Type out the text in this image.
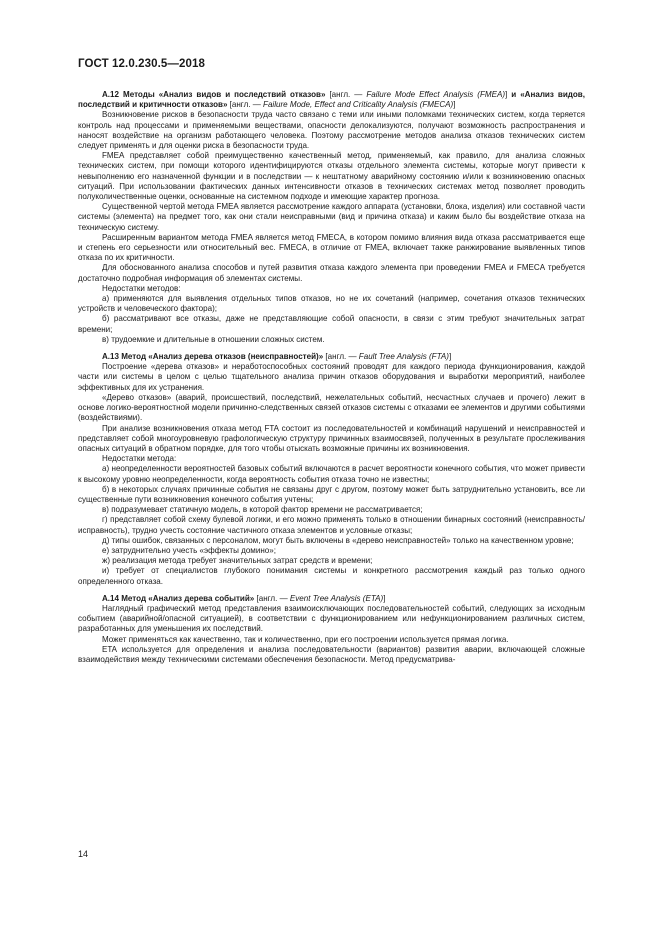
ГОСТ 12.0.230.5—2018

А.12 Методы «Анализ видов и последствий отказов» [англ. — Failure Mode Effect Analysis (FMEA)] и «Анализ видов, последствий и критичности отказов» [англ. — Failure Mode, Effect and Criticality Analysis (FMECA)]

Возникновение рисков в безопасности труда часто связано с теми или иными поломками технических систем, когда теряется контроль над процессами и применяемыми веществами, опасности делокализуются, получают возможность распространения и наносят воздействие на организм работающего человека. Поэтому рассмотрение методов анализа отказов технических систем следует применять и для оценки риска в безопасности труда.

FMEA представляет собой преимущественно качественный метод, применяемый, как правило, для анализа сложных технических систем, при помощи которого идентифицируются отказы отдельного элемента системы, которые могут привести к невыполнению его назначенной функции и в последствии — к нештатному аварийному состоянию и/или к возникновению опасных ситуаций. При использовании фактических данных интенсивности отказов в технических системах метод позволяет проводить полуколичественные оценки, основанные на системном подходе и имеющие характер прогноза.

Существенной чертой метода FMEA является рассмотрение каждого аппарата (установки, блока, изделия) или составной части системы (элемента) на предмет того, как они стали неисправными (вид и причина отказа) и каким было бы воздействие отказа на техническую систему.

Расширенным вариантом метода FMEA является метод FMECA, в котором помимо влияния вида отказа рассматривается еще и степень его серьезности или относительный вес. FMECA, в отличие от FMEA, включает также ранжирование выявленных типов отказа по их критичности.

Для обоснованного анализа способов и путей развития отказа каждого элемента при проведении FMEA и FMECA требуется достаточно подробная информация об элементах системы.

Недостатки методов:

а) применяются для выявления отдельных типов отказов, но не их сочетаний (например, сочетания отказов технических устройств и человеческого фактора);

б) рассматривают все отказы, даже не представляющие собой опасности, в связи с этим требуют значительных затрат времени;

в) трудоемкие и длительные в отношении сложных систем.

А.13 Метод «Анализ дерева отказов (неисправностей)» [англ. — Fault Tree Analysis (FTA)]

Построение «дерева отказов» и неработоспособных состояний проводят для каждого периода функционирования, каждой части или системы в целом с целью тщательного анализа причин отказов оборудования и выработки мероприятий, наиболее эффективных для их устранения.

«Дерево отказов» (аварий, происшествий, последствий, нежелательных событий, несчастных случаев и прочего) лежит в основе логико-вероятностной модели причинно-следственных связей отказов системы с отказами ее элементов и другими событиями (воздействиями).

При анализе возникновения отказа метод FTA состоит из последовательностей и комбинаций нарушений и неисправностей и представляет собой многоуровневую графологическую структуру причинных взаимосвязей, полученных в результате прослеживания опасных ситуаций в обратном порядке, для того чтобы отыскать возможные причины их возникновения.

Недостатки метода:

а) неопределенности вероятностей базовых событий включаются в расчет вероятности конечного события, что может привести к высокому уровню неопределенности, когда вероятность события отказа точно не известны;

б) в некоторых случаях причинные события не связаны друг с другом, поэтому может быть затруднительно установить, все ли существенные пути возникновения конечного события учтены;

в) подразумевает статичную модель, в которой фактор времени не рассматривается;

г) представляет собой схему булевой логики, и его можно применять только в отношении бинарных состояний (неисправность/исправность), трудно учесть состояние частичного отказа элементов и условные отказы;

д) типы ошибок, связанных с персоналом, могут быть включены в «дерево неисправностей» только на качественном уровне;

е) затруднительно учесть «эффекты домино»;

ж) реализация метода требует значительных затрат средств и времени;

и) требует от специалистов глубокого понимания системы и конкретного рассмотрения каждый раз только одного определенного отказа.

А.14 Метод «Анализ дерева событий» [англ. — Event Tree Analysis (ETA)]

Наглядный графический метод представления взаимоисключающих последовательностей событий, следующих за исходным событием (аварийной/опасной ситуацией), в соответствии с функционированием или нефункционированием различных систем, разработанных для уменьшения их последствий.

Может применяться как качественно, так и количественно, при его построении используется прямая логика.

ETA используется для определения и анализа последовательности (вариантов) развития аварии, включающей сложные взаимодействия между техническими системами обеспечения безопасности. Метод предусматрива-

14
